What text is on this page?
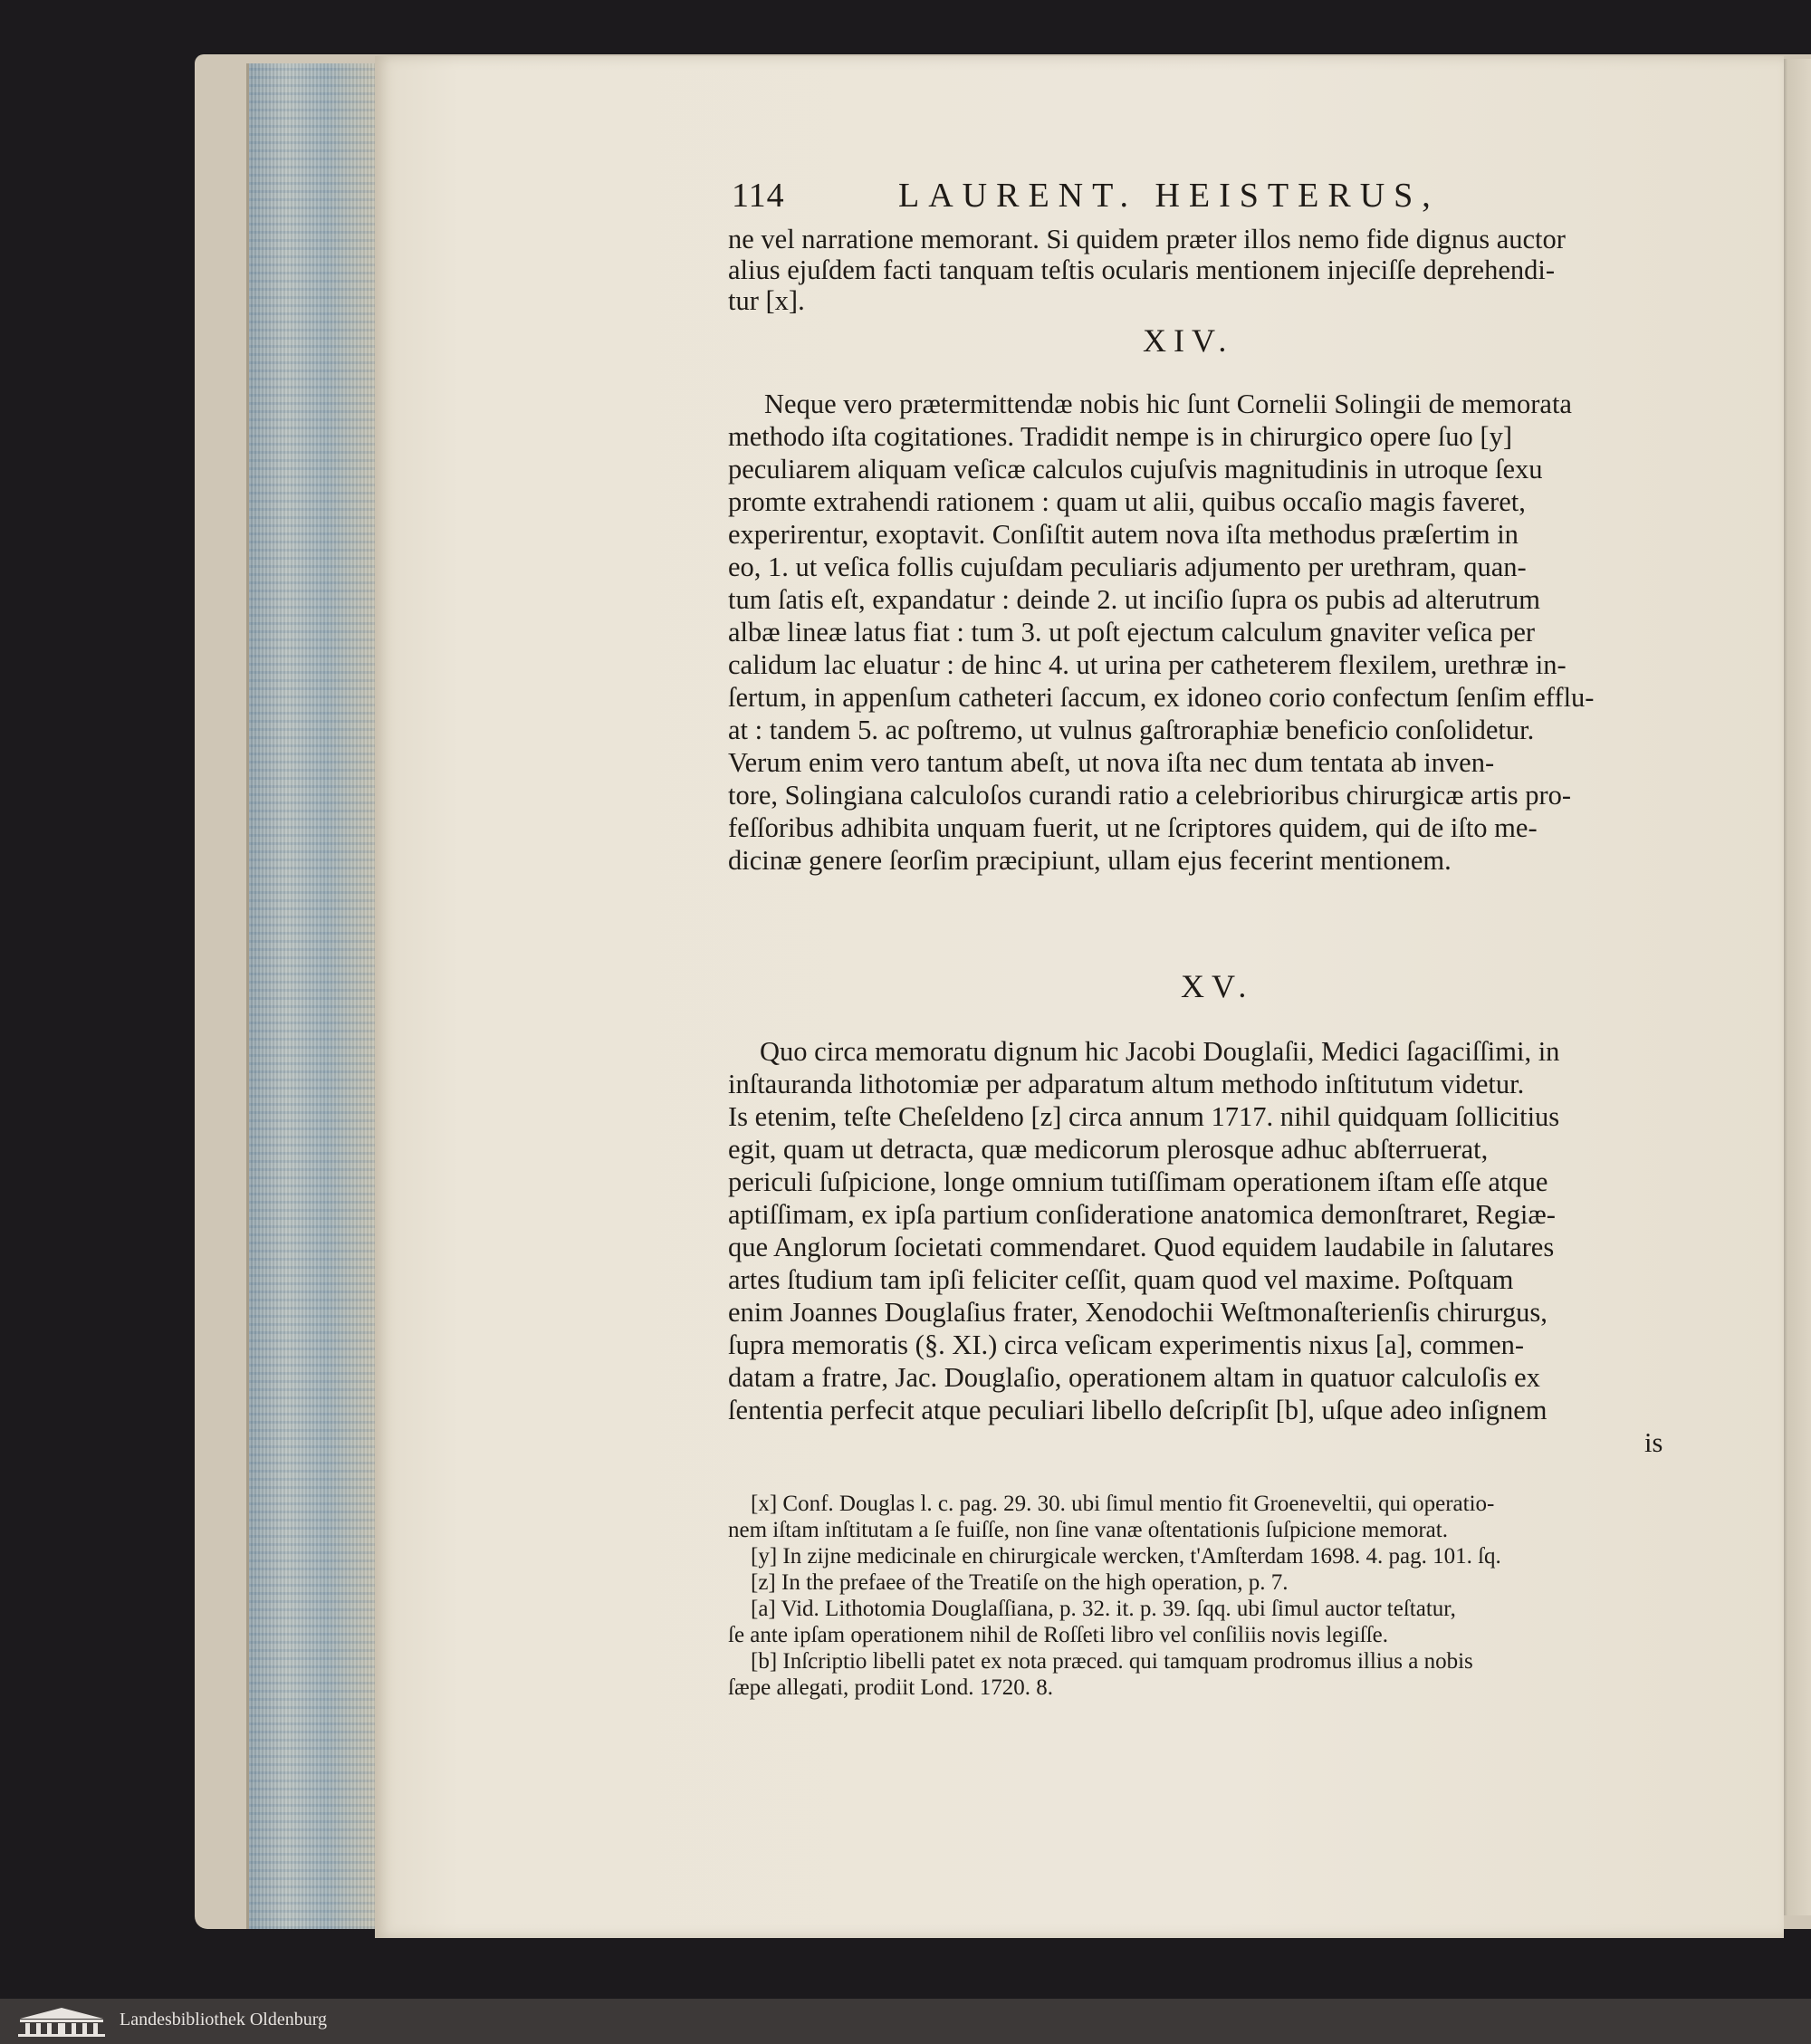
114	LAURENT. HEISTERUS,
ne vel narratione memorant. Si quidem præter illos nemo fide dignus auctor
alius ejuſdem facti tanquam teſtis ocularis mentionem injeciſſe deprehendi-
tur [x].
XIV.
Neque vero prætermittendæ nobis hic ſunt Cornelii Solingii de memorata
methodo iſta cogitationes. Tradidit nempe is in chirurgico opere ſuo [y]
peculiarem aliquam veſicæ calculos cujuſvis magnitudinis in utroque ſexu
promte extrahendi rationem : quam ut alii, quibus occaſio magis faveret,
experirentur, exoptavit. Conſiſtit autem nova iſta methodus præſertim in
eo, 1. ut veſica follis cujuſdam peculiaris adjumento per urethram, quan-
tum ſatis eſt, expandatur : deinde 2. ut inciſio ſupra os pubis ad alterutrum
albæ lineæ latus fiat : tum 3. ut poſt ejectum calculum gnaviter veſica per
calidum lac eluatur : de hinc 4. ut urina per catheterem flexilem, urethræ in-
ſertum, in appenſum catheteri ſaccum, ex idoneo corio confectum ſenſim efflu-
at : tandem 5. ac poſtremo, ut vulnus gaſtroraphiæ beneficio conſolidetur.
Verum enim vero tantum abeſt, ut nova iſta nec dum tentata ab inven-
tore, Solingiana calculoſos curandi ratio a celebrioribus chirurgicæ artis pro-
feſſoribus adhibita unquam fuerit, ut ne ſcriptores quidem, qui de iſto me-
dicinæ genere ſeorſim præcipiunt, ullam ejus fecerint mentionem.
XV.
Quo circa memoratu dignum hic Jacobi Douglaſii, Medici ſagaciſſimi, in
inſtauranda lithotomiæ per adparatum altum methodo inſtitutum videtur.
Is etenim, teſte Cheſeldeno [z] circa annum 1717. nihil quidquam ſollicitius
egit, quam ut detracta, quæ medicorum plerosque adhuc abſterruerat,
periculi ſuſpicione, longe omnium tutiſſimam operationem iſtam eſſe atque
aptiſſimam, ex ipſa partium conſideratione anatomica demonſtraret, Regiæ-
que Anglorum ſocietati commendaret. Quod equidem laudabile in ſalutares
artes ſtudium tam ipſi feliciter ceſſit, quam quod vel maxime. Poſtquam
enim Joannes Douglaſius frater, Xenodochii Weſtmonaſterienſis chirurgus,
ſupra memoratis (§. XI.) circa veſicam experimentis nixus [a], commen-
datam a fratre, Jac. Douglaſio, operationem altam in quatuor calculoſis ex
ſententia perfecit atque peculiari libello deſcripſit [b], uſque adeo inſignem
is
[x] Conf. Douglas l. c. pag. 29. 30. ubi ſimul mentio fit Groeneveltii, qui operatio-
nem iſtam inſtitutam a ſe fuiſſe, non ſine vanæ oſtentationis ſuſpicione memorat.
[y] In zijne medicinale en chirurgicale wercken, t'Amſterdam 1698. 4. pag. 101. ſq.
[z] In the prefaee of the Treatiſe on the high operation, p. 7.
[a] Vid. Lithotomia Douglaſſiana, p. 32. it. p. 39. ſqq. ubi ſimul auctor teſtatur,
ſe ante ipſam operationem nihil de Roſſeti libro vel conſiliis novis legiſſe.
[b] Inſcriptio libelli patet ex nota præced. qui tamquam prodromus illius a nobis
ſæpe allegati, prodiit Lond. 1720. 8.
Landesbibliothek Oldenburg
